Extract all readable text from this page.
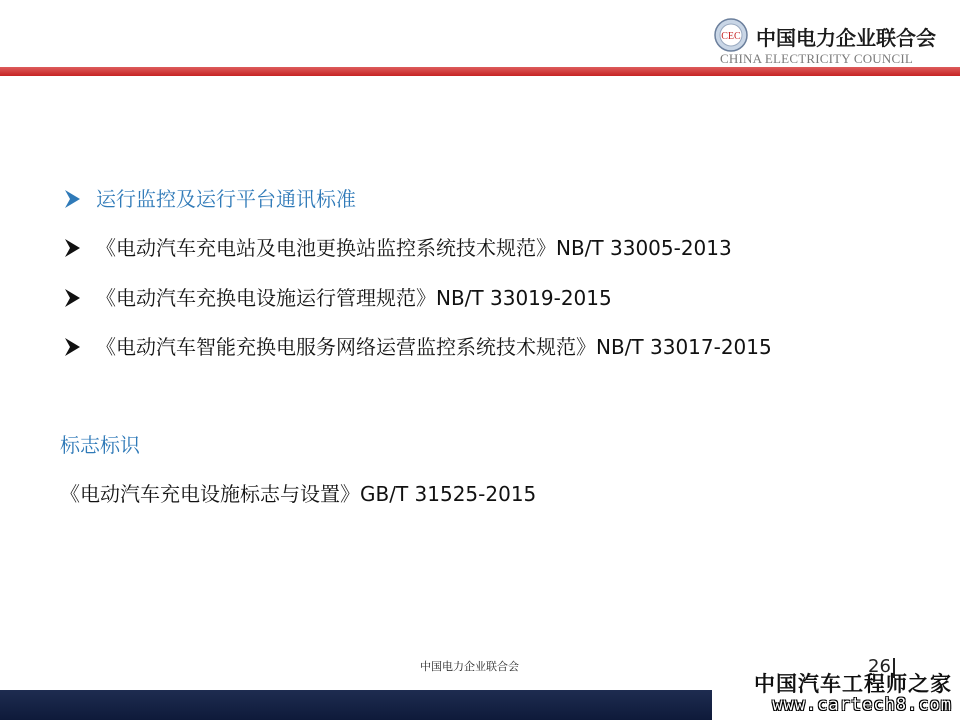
CEC 中国电力企业联合会
CHINA ELECTRICITY COUNCIL
运行监控及运行平台通讯标准
《电动汽车充电站及电池更换站监控系统技术规范》NB/T 33005-2013
《电动汽车充换电设施运行管理规范》NB/T 33019-2015
《电动汽车智能充换电服务网络运营监控系统技术规范》NB/T 33017-2015
标志标识
《电动汽车充电设施标志与设置》GB/T 31525-2015
中国电力企业联合会	26
中国汽车工程师之家
www.cartech8.com
